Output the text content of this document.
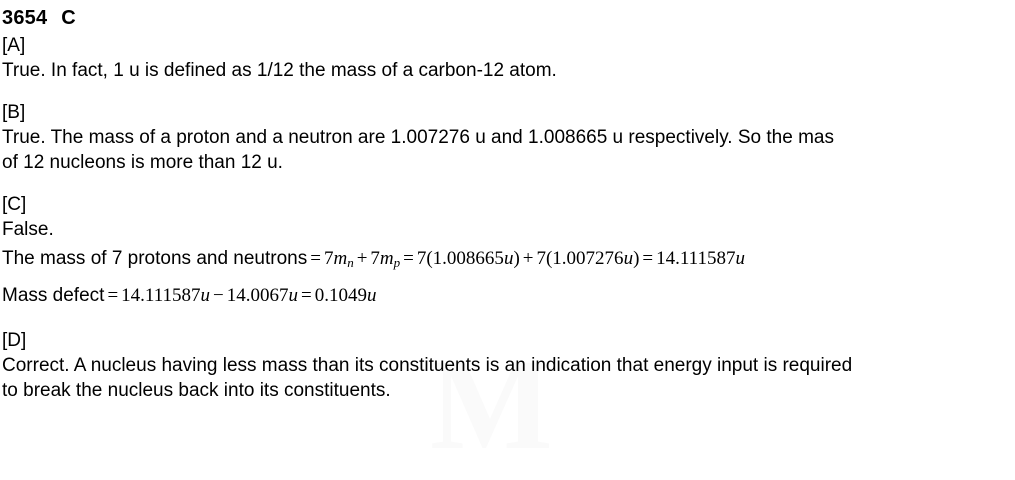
M
3654 C
[A]
True. In fact, 1 u is defined as 1/12 the mass of a carbon-12 atom.
[B]
True. The mass of a proton and a neutron are 1.007276 u and 1.008665 u respectively. So the mas
of 12 nucleons is more than 12 u.
[C]
False.
The mass of 7 protons and neutrons = $7m_n + 7m_p = 7(1.008665u) + 7(1.007276u) = 14.111587u$
Mass defect = 14.111587u − 14.0067u = 0.1049u
[D]
Correct. A nucleus having less mass than its constituents is an indication that energy input is required
to break the nucleus back into its constituents.
